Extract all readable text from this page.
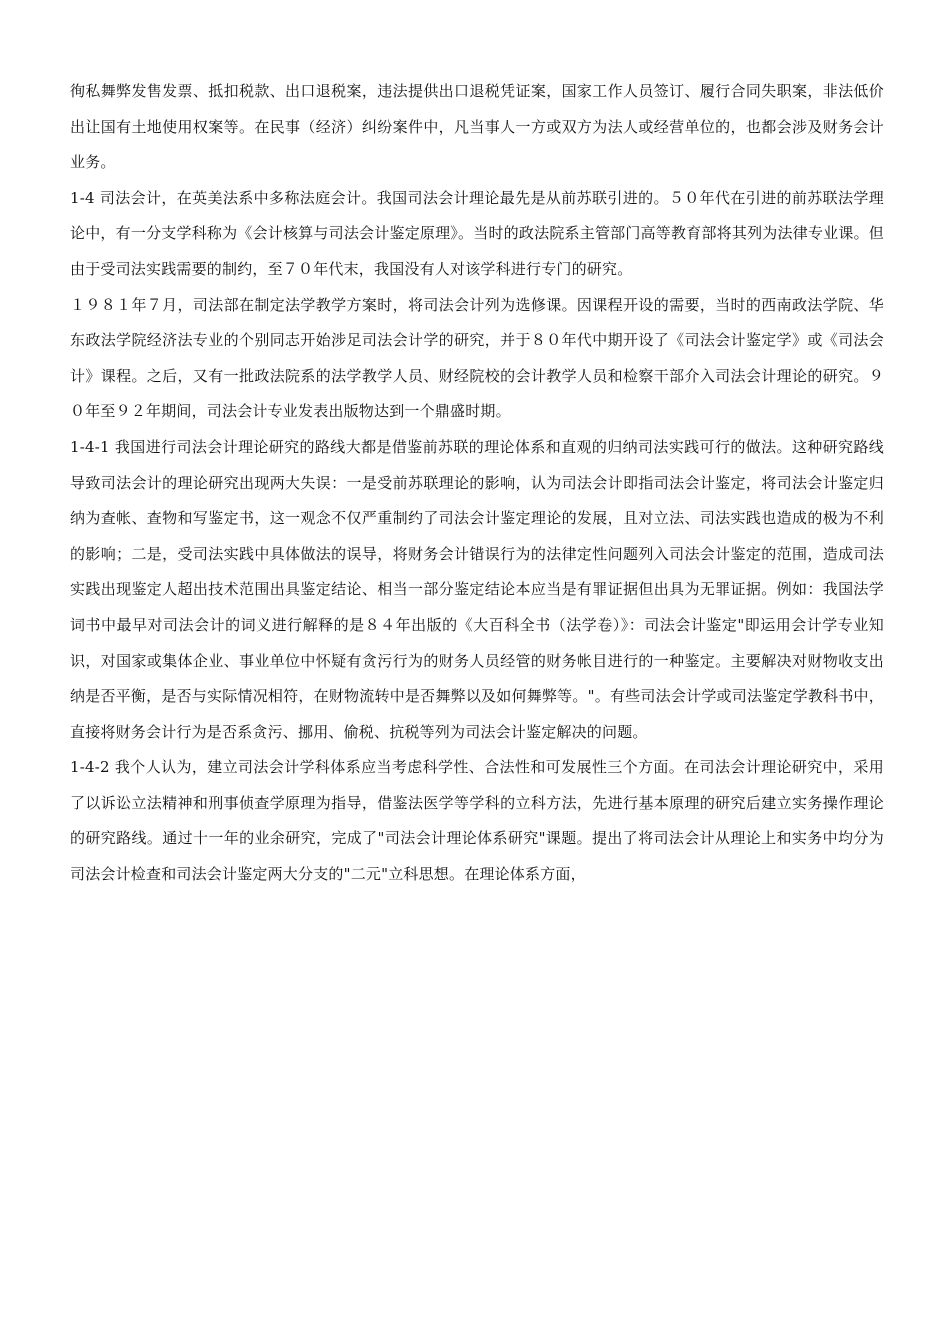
徇私舞弊发售发票、抵扣税款、出口退税案，违法提供出口退税凭证案，国家工作人员签订、履行合同失职案，非法低价出让国有土地使用权案等。在民事（经济）纠纷案件中，凡当事人一方或双方为法人或经营单位的，也都会涉及财务会计业务。

1-4 司法会计，在英美法系中多称法庭会计。我国司法会计理论最先是从前苏联引进的。５０年代在引进的前苏联法学理论中，有一分支学科称为《会计核算与司法会计鉴定原理》。当时的政法院系主管部门高等教育部将其列为法律专业课。但由于受司法实践需要的制约，至７０年代末，我国没有人对该学科进行专门的研究。

１９８１年７月，司法部在制定法学教学方案时，将司法会计列为选修课。因课程开设的需要，当时的西南政法学院、华东政法学院经济法专业的个别同志开始涉足司法会计学的研究，并于８０年代中期开设了《司法会计鉴定学》或《司法会计》课程。之后，又有一批政法院系的法学教学人员、财经院校的会计教学人员和检察干部介入司法会计理论的研究。９０年至９２年期间，司法会计专业发表出版物达到一个鼎盛时期。

1-4-1 我国进行司法会计理论研究的路线大都是借鉴前苏联的理论体系和直观的归纳司法实践可行的做法。这种研究路线导致司法会计的理论研究出现两大失误：一是受前苏联理论的影响，认为司法会计即指司法会计鉴定，将司法会计鉴定归纳为查帐、查物和写鉴定书，这一观念不仅严重制约了司法会计鉴定理论的发展，且对立法、司法实践也造成的极为不利的影响；二是，受司法实践中具体做法的误导，将财务会计错误行为的法律定性问题列入司法会计鉴定的范围，造成司法实践出现鉴定人超出技术范围出具鉴定结论、相当一部分鉴定结论本应当是有罪证据但出具为无罪证据。例如：我国法学词书中最早对司法会计的词义进行解释的是８４年出版的《大百科全书（法学卷）》：司法会计鉴定"即运用会计学专业知识，对国家或集体企业、事业单位中怀疑有贪污行为的财务人员经管的财务帐目进行的一种鉴定。主要解决对财物收支出纳是否平衡，是否与实际情况相符，在财物流转中是否舞弊以及如何舞弊等。"。有些司法会计学或司法鉴定学教科书中，直接将财务会计行为是否系贪污、挪用、偷税、抗税等列为司法会计鉴定解决的问题。

1-4-2 我个人认为，建立司法会计学科体系应当考虑科学性、合法性和可发展性三个方面。在司法会计理论研究中，采用了以诉讼立法精神和刑事侦查学原理为指导，借鉴法医学等学科的立科方法，先进行基本原理的研究后建立实务操作理论的研究路线。通过十一年的业余研究，完成了"司法会计理论体系研究"课题。提出了将司法会计从理论上和实务中均分为司法会计检查和司法会计鉴定两大分支的"二元"立科思想。在理论体系方面，
